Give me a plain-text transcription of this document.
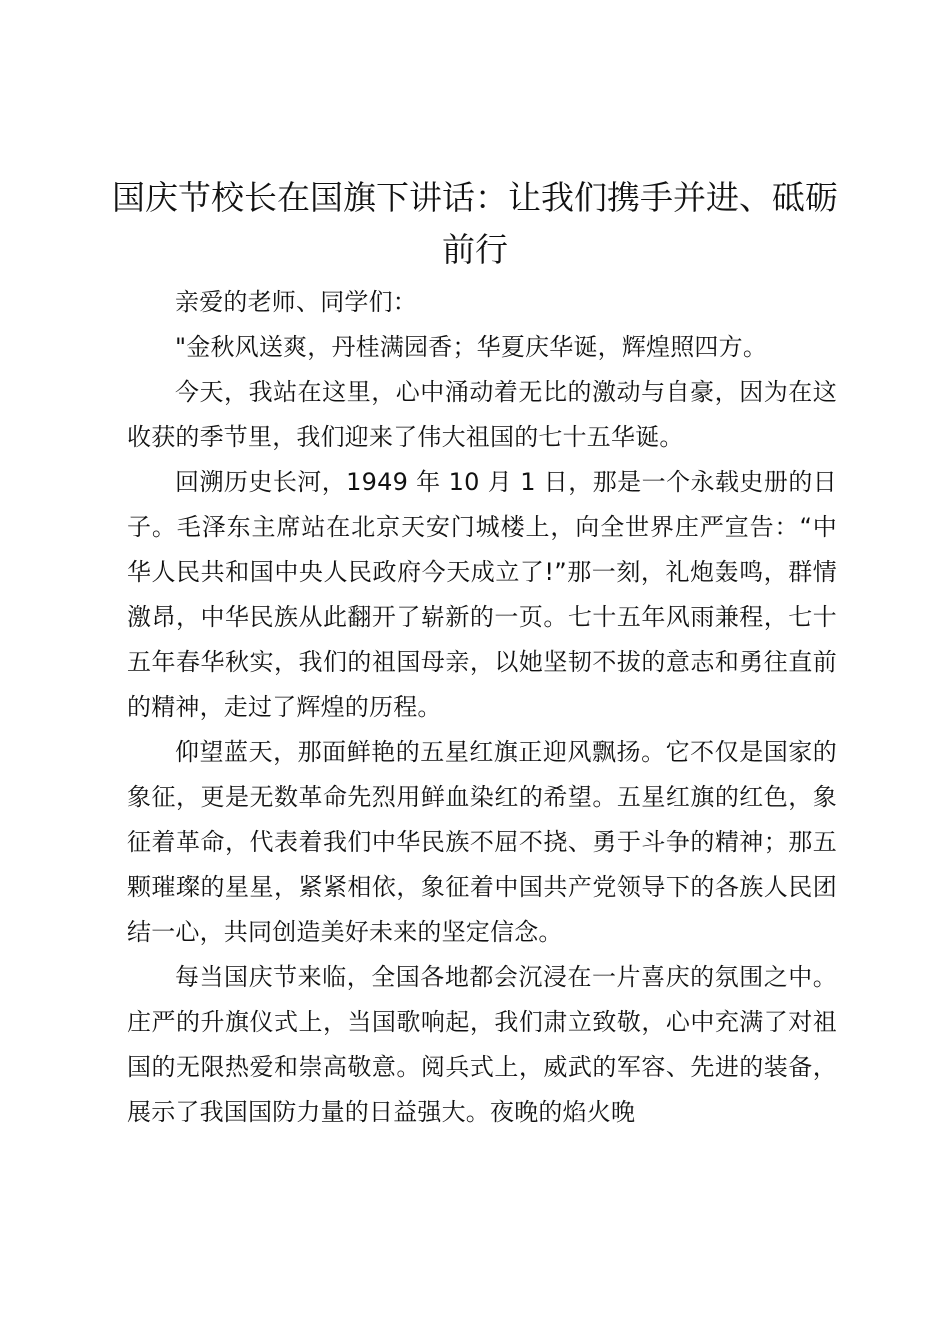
国庆节校长在国旗下讲话：让我们携手并进、砥砺前行

亲爱的老师、同学们：

"金秋风送爽，丹桂满园香；华夏庆华诞，辉煌照四方。

今天，我站在这里，心中涌动着无比的激动与自豪，因为在这收获的季节里，我们迎来了伟大祖国的七十五华诞。

回溯历史长河，1949 年 10 月 1 日，那是一个永载史册的日子。毛泽东主席站在北京天安门城楼上，向全世界庄严宣告：“中华人民共和国中央人民政府今天成立了!”那一刻，礼炮轰鸣，群情激昂，中华民族从此翻开了崭新的一页。七十五年风雨兼程，七十五年春华秋实，我们的祖国母亲，以她坚韧不拔的意志和勇往直前的精神，走过了辉煌的历程。

仰望蓝天，那面鲜艳的五星红旗正迎风飘扬。它不仅是国家的象征，更是无数革命先烈用鲜血染红的希望。五星红旗的红色，象征着革命，代表着我们中华民族不屈不挠、勇于斗争的精神；那五颗璀璨的星星，紧紧相依，象征着中国共产党领导下的各族人民团结一心，共同创造美好未来的坚定信念。

每当国庆节来临，全国各地都会沉浸在一片喜庆的氛围之中。庄严的升旗仪式上，当国歌响起，我们肃立致敬，心中充满了对祖国的无限热爱和崇高敬意。阅兵式上，威武的军容、先进的装备，展示了我国国防力量的日益强大。夜晚的焰火晚
